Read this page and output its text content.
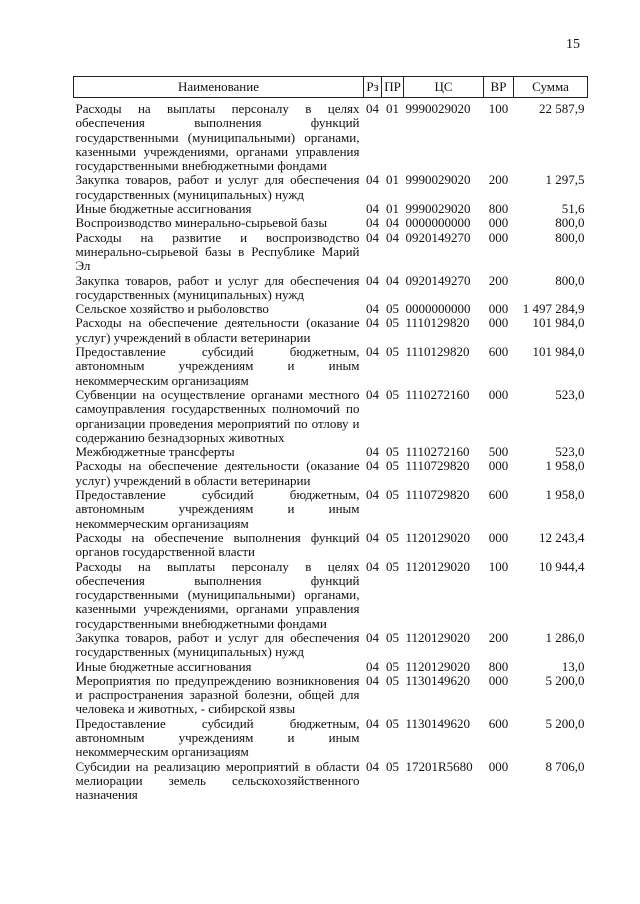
15
Наименование	Рз	ПР	ЦС	ВР	Сумма
Расходы на выплаты персоналу в целях обеспечения выполнения функций государственными (муниципальными) органами, казенными учреждениями, органами управления государственными внебюджетными фондами	04	01	9990029020	100	22 587,9
Закупка товаров, работ и услуг для обеспечения государственных (муниципальных) нужд	04	01	9990029020	200	1 297,5
Иные бюджетные ассигнования	04	01	9990029020	800	51,6
Воспроизводство минерально-сырьевой базы	04	04	0000000000	000	800,0
Расходы на развитие и воспроизводство минерально-сырьевой базы в Республике Марий Эл	04	04	0920149270	000	800,0
Закупка товаров, работ и услуг для обеспечения государственных (муниципальных) нужд	04	04	0920149270	200	800,0
Сельское хозяйство и рыболовство	04	05	0000000000	000	1 497 284,9
Расходы на обеспечение деятельности (оказание услуг) учреждений в области ветеринарии	04	05	1110129820	000	101 984,0
Предоставление субсидий бюджетным, автономным учреждениям и иным некоммерческим организациям	04	05	1110129820	600	101 984,0
Субвенции на осуществление органами местного самоуправления государственных полномочий по организации проведения мероприятий по отлову и содержанию безнадзорных животных	04	05	1110272160	000	523,0
Межбюджетные трансферты	04	05	1110272160	500	523,0
Расходы на обеспечение деятельности (оказание услуг) учреждений в области ветеринарии	04	05	1110729820	000	1 958,0
Предоставление субсидий бюджетным, автономным учреждениям и иным некоммерческим организациям	04	05	1110729820	600	1 958,0
Расходы на обеспечение выполнения функций органов государственной власти	04	05	1120129020	000	12 243,4
Расходы на выплаты персоналу в целях обеспечения выполнения функций государственными (муниципальными) органами, казенными учреждениями, органами управления государственными внебюджетными фондами	04	05	1120129020	100	10 944,4
Закупка товаров, работ и услуг для обеспечения государственных (муниципальных) нужд	04	05	1120129020	200	1 286,0
Иные бюджетные ассигнования	04	05	1120129020	800	13,0
Мероприятия по предупреждению возникновения и распространения заразной болезни, общей для человека и животных, - сибирской язвы	04	05	1130149620	000	5 200,0
Предоставление субсидий бюджетным, автономным учреждениям и иным некоммерческим организациям	04	05	1130149620	600	5 200,0
Субсидии на реализацию мероприятий в области мелиорации земель сельскохозяйственного назначения	04	05	17201R5680	000	8 706,0
